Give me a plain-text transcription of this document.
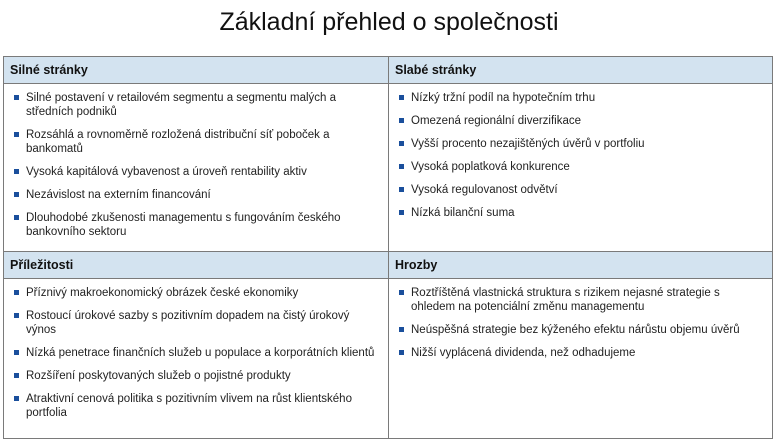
Základní přehled o společnosti
Silné stránky
Silné postavení v retailovém segmentu a segmentu malých a středních podniků
Rozsáhlá a rovnoměrně rozložená distribuční síť poboček a bankomatů
Vysoká kapitálová vybavenost a úroveň rentability aktiv
Nezávislost na externím financování
Dlouhodobé zkušenosti managementu s fungováním českého bankovního sektoru
Slabé stránky
Nízký tržní podíl na hypotečním trhu
Omezená regionální diverzifikace
Vyšší procento nezajištěných úvěrů v portfoliu
Vysoká poplatková konkurence
Vysoká regulovanost odvětví
Nízká bilanční suma
Příležitosti
Příznivý makroekonomický obrázek české ekonomiky
Rostoucí úrokové sazby s pozitivním dopadem na čistý úrokový výnos
Nízká penetrace finančních služeb u populace a korporátních klientů
Rozšíření poskytovaných služeb o pojistné produkty
Atraktivní cenová politika s pozitivním vlivem na růst klientského portfolia
Hrozby
Roztříštěná vlastnická struktura s rizikem nejasné strategie s ohledem na potenciální změnu managementu
Neúspěšná strategie bez kýženého efektu nárůstu objemu úvěrů
Nižší vyplácená dividenda, než odhadujeme
